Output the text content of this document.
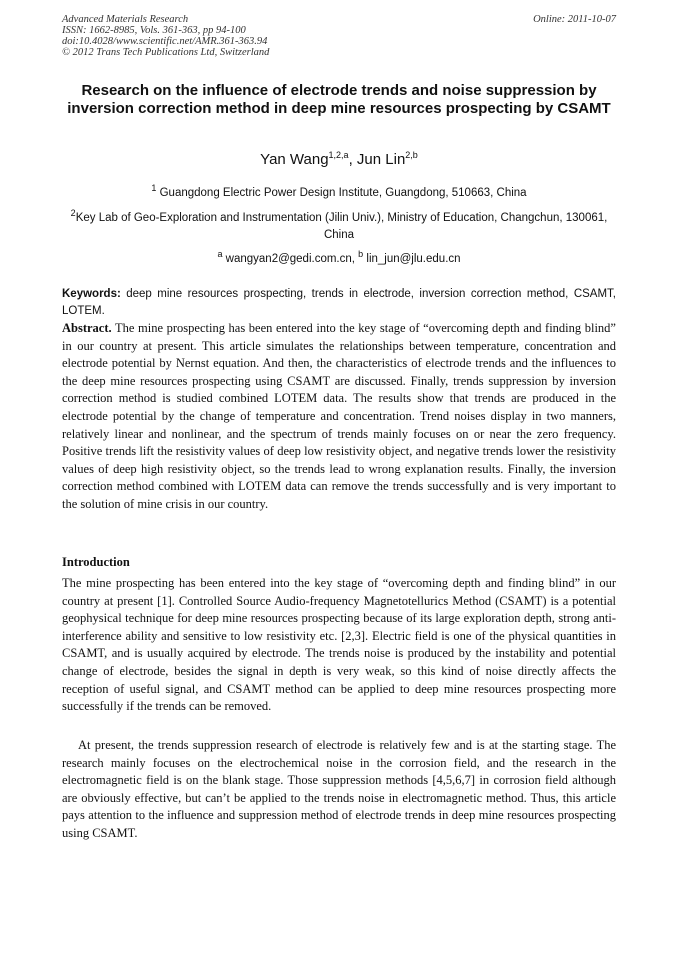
Advanced Materials Research
ISSN: 1662-8985, Vols. 361-363, pp 94-100
doi:10.4028/www.scientific.net/AMR.361-363.94
© 2012 Trans Tech Publications Ltd, Switzerland
Online: 2011-10-07
Research on the influence of electrode trends and noise suppression by inversion correction method in deep mine resources prospecting by CSAMT
Yan Wang$^{1,2,a}$, Jun Lin$^{2,b}$
$^1$ Guangdong Electric Power Design Institute, Guangdong, 510663, China
$^2$Key Lab of Geo-Exploration and Instrumentation (Jilin Univ.), Ministry of Education, Changchun, 130061, China
$^a$ wangyan2@gedi.com.cn, $^b$ lin_jun@jlu.edu.cn
Keywords: deep mine resources prospecting, trends in electrode, inversion correction method, CSAMT, LOTEM.
Abstract. The mine prospecting has been entered into the key stage of “overcoming depth and finding blind” in our country at present. This article simulates the relationships between temperature, concentration and electrode potential by Nernst equation. And then, the characteristics of electrode trends and the influences to the deep mine resources prospecting using CSAMT are discussed. Finally, trends suppression by inversion correction method is studied combined LOTEM data. The results show that trends are produced in the electrode potential by the change of temperature and concentration. Trend noises display in two manners, relatively linear and nonlinear, and the spectrum of trends mainly focuses on or near the zero frequency. Positive trends lift the resistivity values of deep low resistivity object, and negative trends lower the resistivity values of deep high resistivity object, so the trends lead to wrong explanation results. Finally, the inversion correction method combined with LOTEM data can remove the trends successfully and is very important to the solution of mine crisis in our country.
Introduction
The mine prospecting has been entered into the key stage of “overcoming depth and finding blind” in our country at present [1]. Controlled Source Audio-frequency Magnetotellurics Method (CSAMT) is a potential geophysical technique for deep mine resources prospecting because of its large exploration depth, strong anti-interference ability and sensitive to low resistivity etc. [2,3]. Electric field is one of the physical quantities in CSAMT, and is usually acquired by electrode. The trends noise is produced by the instability and potential change of electrode, besides the signal in depth is very weak, so this kind of noise directly affects the reception of useful signal, and CSAMT method can be applied to deep mine resources prospecting more successfully if the trends can be removed.
At present, the trends suppression research of electrode is relatively few and is at the starting stage. The research mainly focuses on the electrochemical noise in the corrosion field, and the research in the electromagnetic field is on the blank stage. Those suppression methods [4,5,6,7] in corrosion field although are obviously effective, but can’t be applied to the trends noise in electromagnetic method. Thus, this article pays attention to the influence and suppression method of electrode trends in deep mine resources prospecting using CSAMT.
